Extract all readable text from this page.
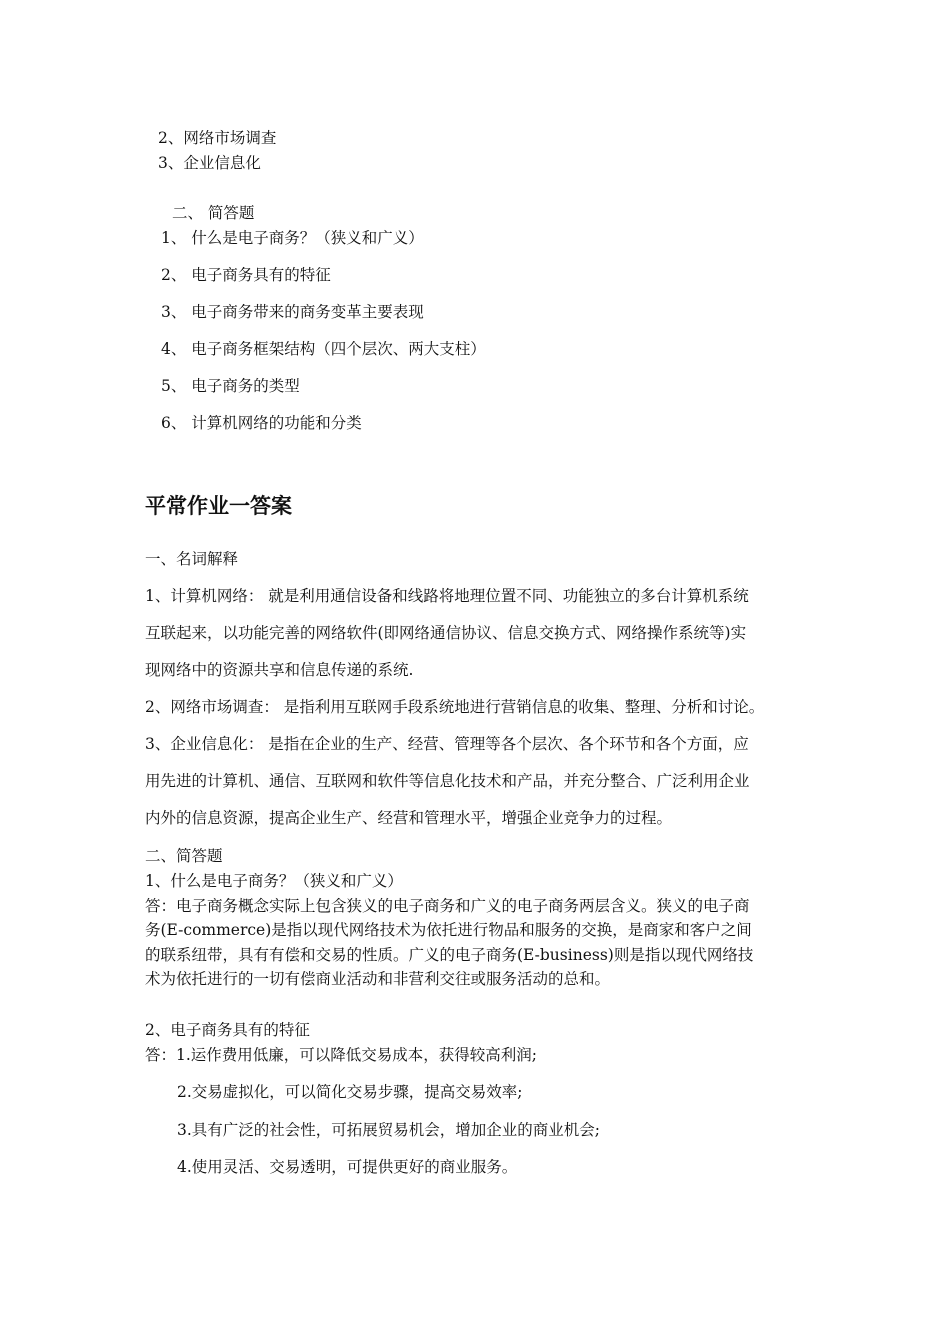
2、网络市场调查
3、企业信息化
二、 简答题
1、 什么是电子商务？（狭义和广义）
2、 电子商务具有的特征
3、 电子商务带来的商务变革主要表现
4、 电子商务框架结构（四个层次、两大支柱）
5、 电子商务的类型
6、 计算机网络的功能和分类
平常作业一答案
一、名词解释
1、计算机网络： 就是利用通信设备和线路将地理位置不同、功能独立的多台计算机系统
互联起来，以功能完善的网络软件(即网络通信协议、信息交换方式、网络操作系统等)实
现网络中的资源共享和信息传递的系统.
2、网络市场调查： 是指利用互联网手段系统地进行营销信息的收集、整理、分析和讨论。
3、企业信息化： 是指在企业的生产、经营、管理等各个层次、各个环节和各个方面，应
用先进的计算机、通信、互联网和软件等信息化技术和产品，并充分整合、广泛利用企业
内外的信息资源，提高企业生产、经营和管理水平，增强企业竞争力的过程。
二、简答题
1、什么是电子商务？（狭义和广义）
答：电子商务概念实际上包含狭义的电子商务和广义的电子商务两层含义。狭义的电子商
务(E-commerce)是指以现代网络技术为依托进行物品和服务的交换，是商家和客户之间
的联系纽带，具有有偿和交易的性质。广义的电子商务(E-business)则是指以现代网络技
术为依托进行的一切有偿商业活动和非营利交往或服务活动的总和。
2、电子商务具有的特征
答：1.运作费用低廉，可以降低交易成本，获得较高利润;
2.交易虚拟化，可以简化交易步骤，提高交易效率;
3.具有广泛的社会性，可拓展贸易机会，增加企业的商业机会;
4.使用灵活、交易透明，可提供更好的商业服务。
